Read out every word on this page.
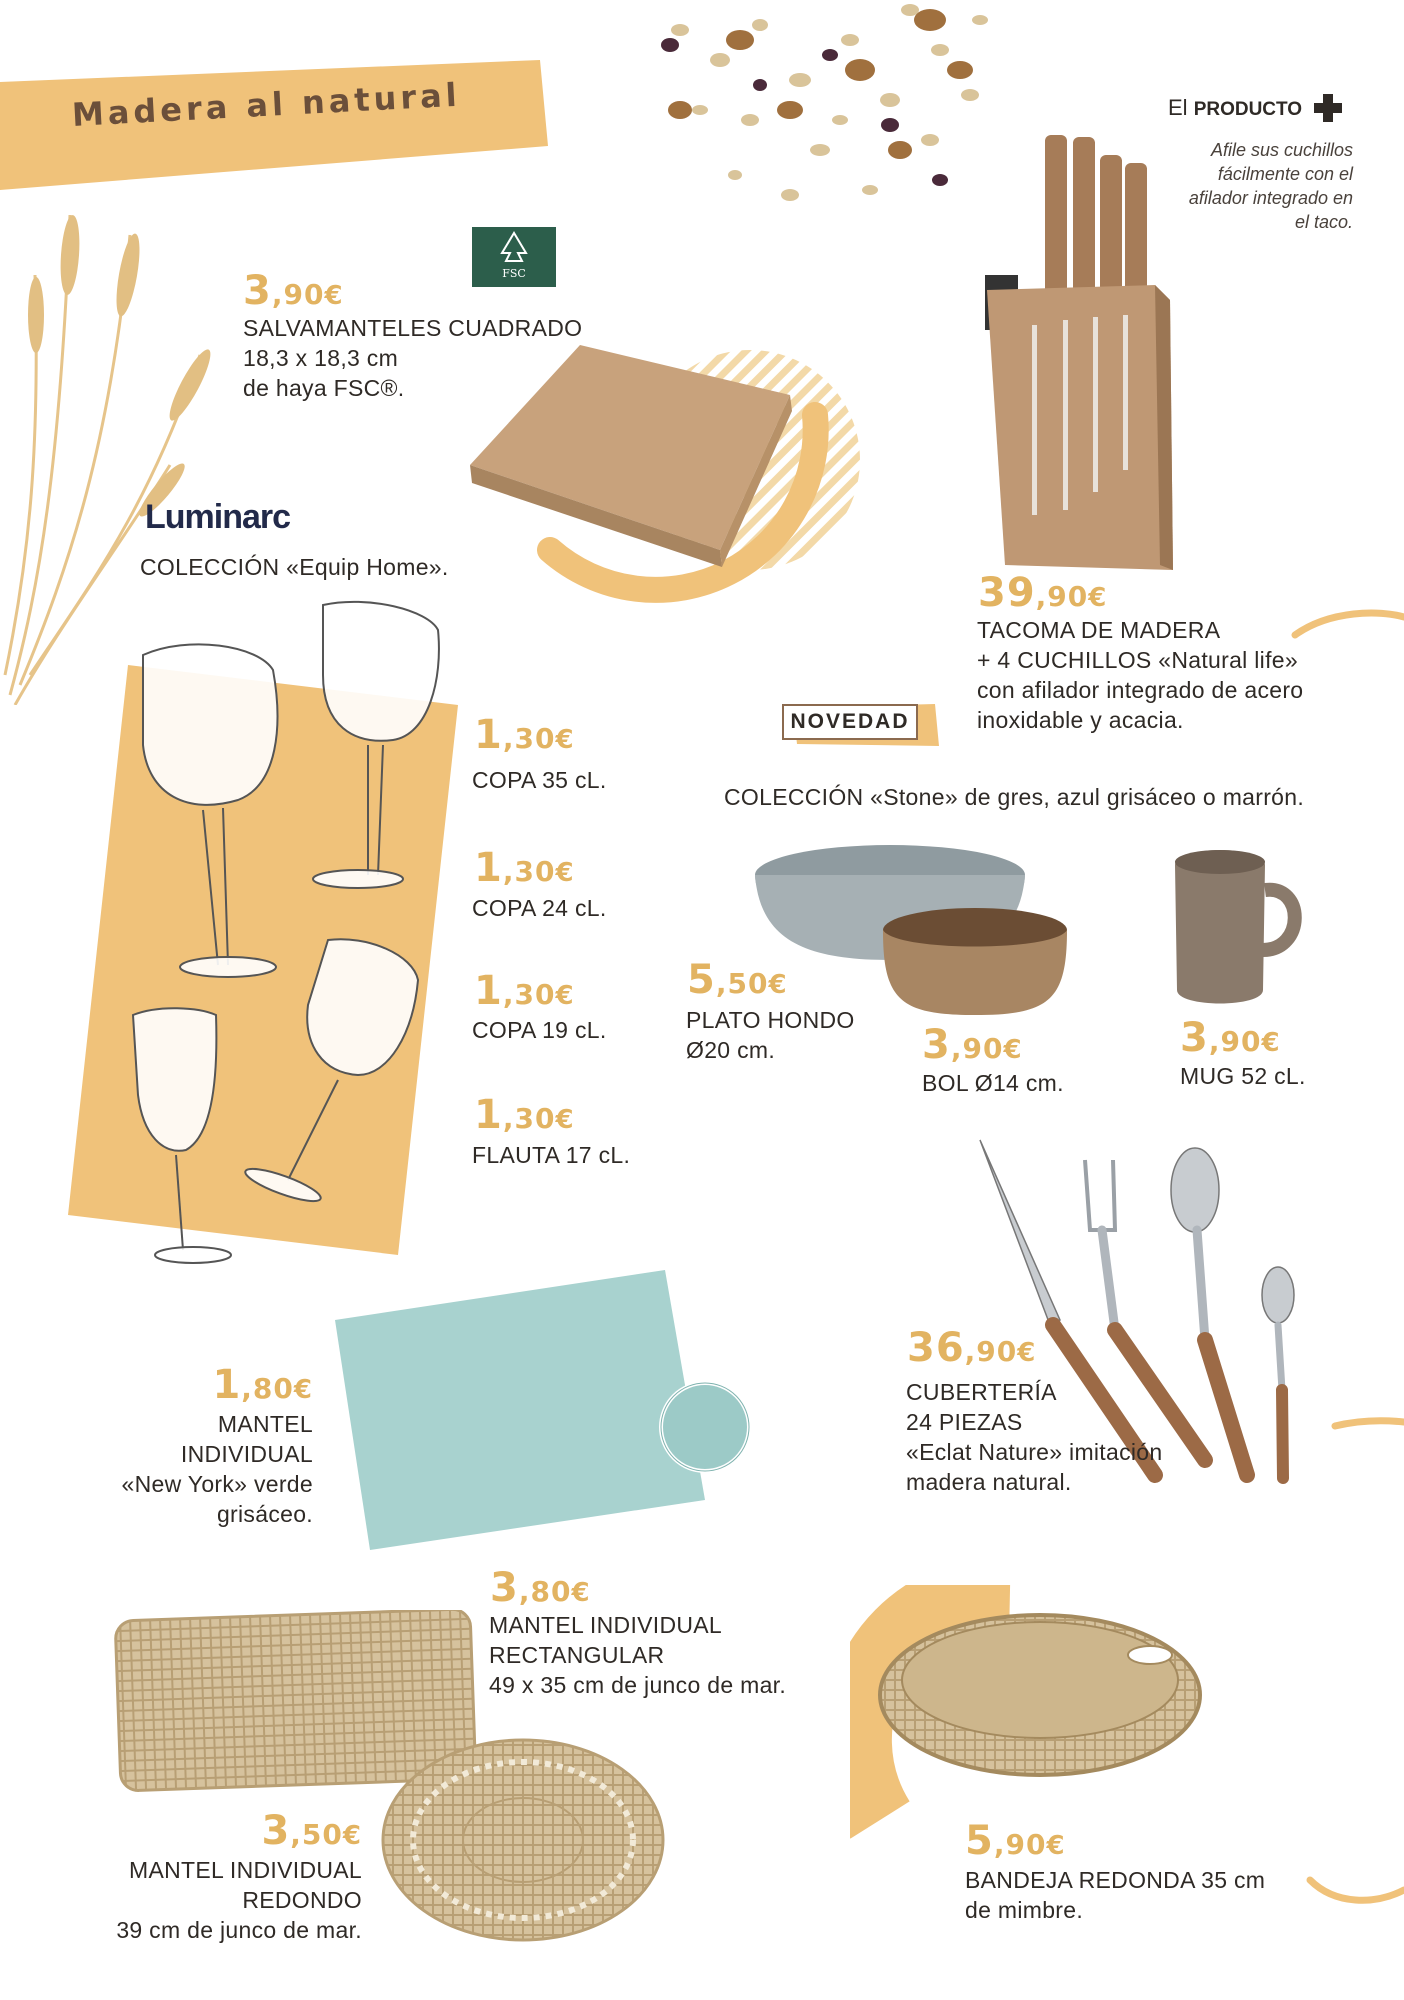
Madera al natural
FSC
3,90€
SALVAMANTELES CUADRADO
18,3 x 18,3 cm
de haya FSC®.
Luminarc
COLECCIÓN «Equip Home».
1,30€
COPA 35 cL.
1,30€
COPA 24 cL.
1,30€
COPA 19 cL.
1,30€
FLAUTA 17 cL.
El PRODUCTO
Afile sus cuchillos
fácilmente con el
afilador integrado en
el taco.
39,90€
TACOMA DE MADERA
+ 4 CUCHILLOS «Natural life»
con afilador integrado de acero
inoxidable y acacia.
NOVEDAD
COLECCIÓN «Stone» de gres, azul grisáceo o marrón.
5,50€
PLATO HONDO
Ø20 cm.	3,90€
BOL Ø14 cm.
3,90€
MUG 52 cL.
36,90€
CUBERTERÍA
24 PIEZAS
«Eclat Nature» imitación
madera natural.
1,80€
MANTEL
INDIVIDUAL
«New York» verde
grisáceo.
3,80€
MANTEL INDIVIDUAL
RECTANGULAR
49 x 35 cm de junco de mar.
3,50€
MANTEL INDIVIDUAL
REDONDO
39 cm de junco de mar.
5,90€
BANDEJA REDONDA 35 cm
de mimbre.
